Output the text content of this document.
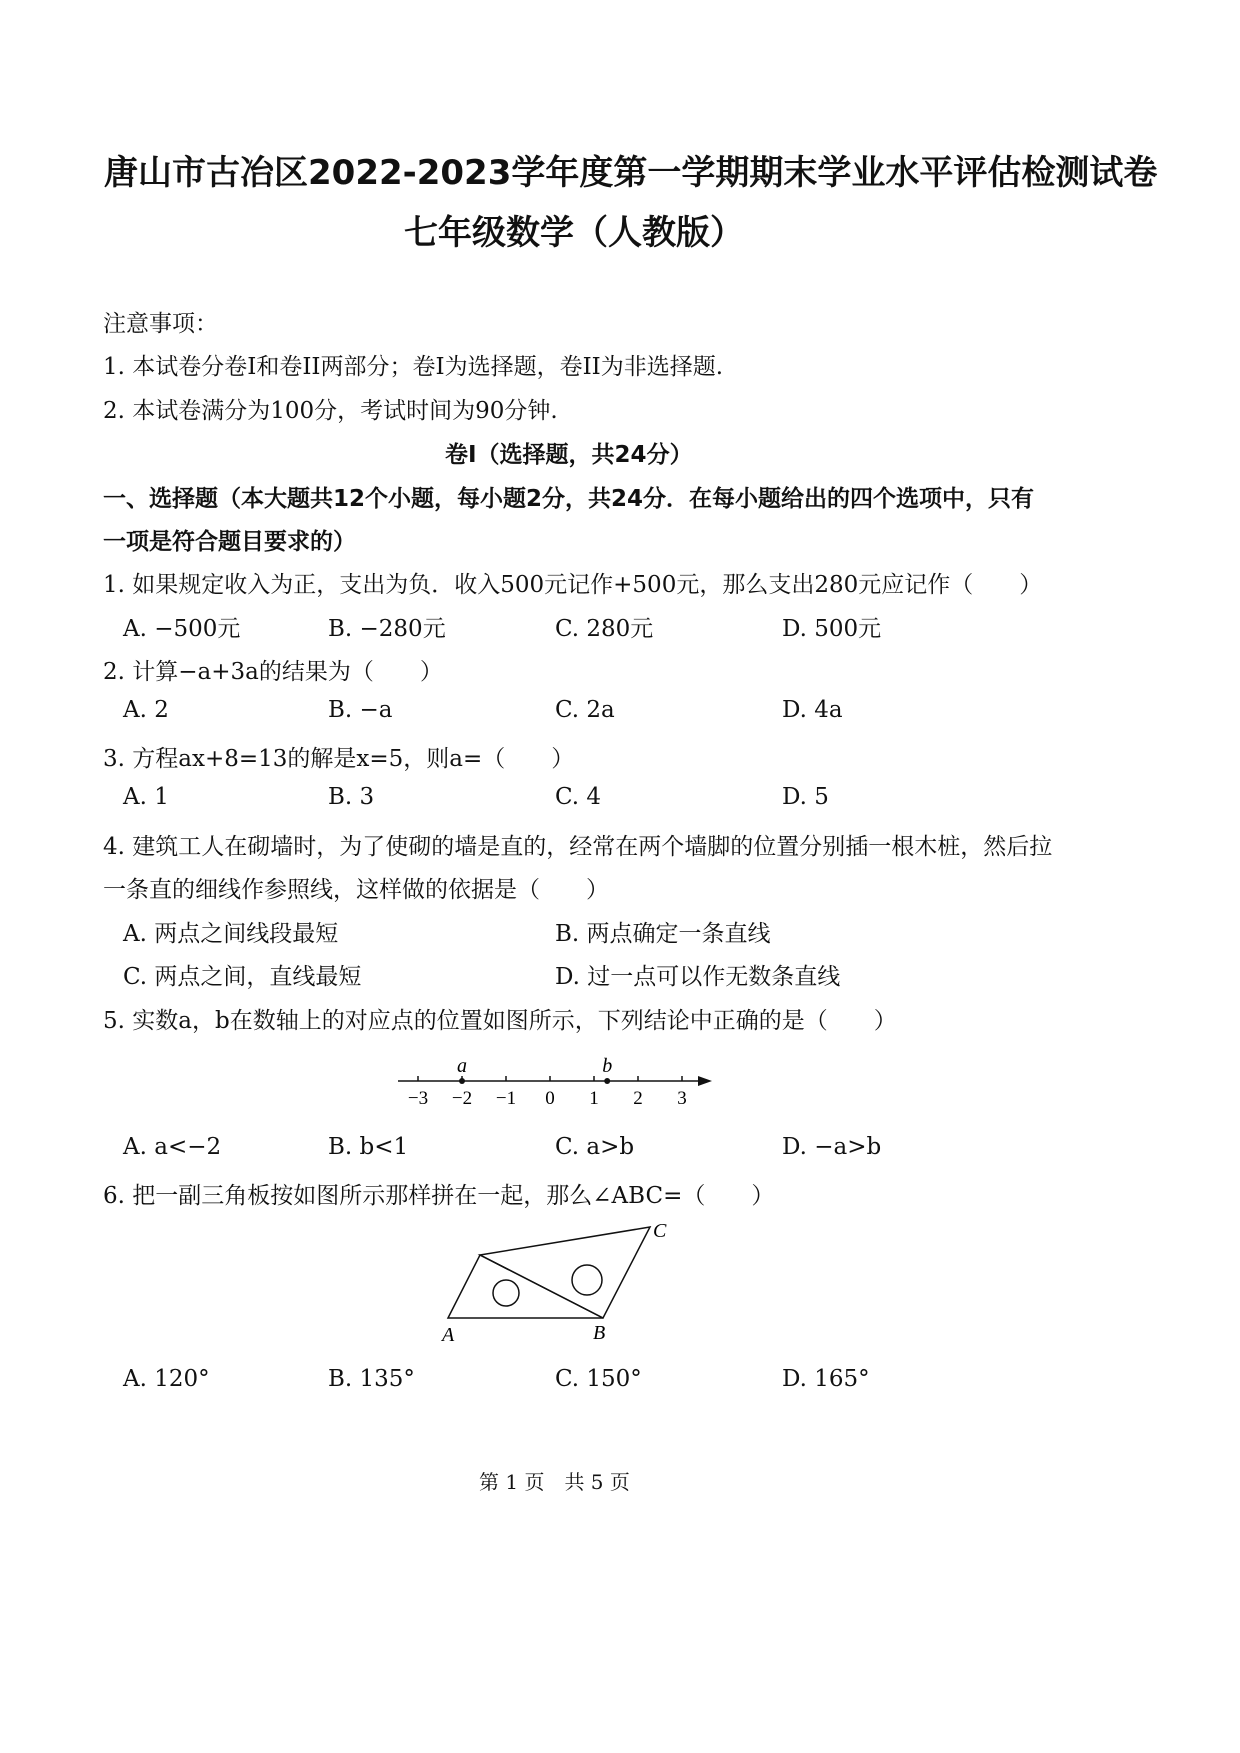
唐山市古冶区2022-2023学年度第一学期期末学业水平评估检测试卷
七年级数学（人教版）
注意事项：
1. 本试卷分卷I和卷II两部分；卷I为选择题，卷II为非选择题.
2. 本试卷满分为100分，考试时间为90分钟.
卷I（选择题，共24分）
一、选择题（本大题共12个小题，每小题2分，共24分．在每小题给出的四个选项中，只有
一项是符合题目要求的）
1. 如果规定收入为正，支出为负．收入500元记作+500元，那么支出280元应记作（　　）
A. −500元	B. −280元	C. 280元	D. 500元
2. 计算−a+3a的结果为（　　）
A. 2	B. −a	C. 2a	D. 4a
3. 方程ax+8=13的解是x=5，则a=（　　）
A. 1	B. 3	C. 4	D. 5
4. 建筑工人在砌墙时，为了使砌的墙是直的，经常在两个墙脚的位置分别插一根木桩，然后拉
一条直的细线作参照线，这样做的依据是（　　）
A. 两点之间线段最短	B. 两点确定一条直线
C. 两点之间，直线最短	D. 过一点可以作无数条直线
5. 实数a，b在数轴上的对应点的位置如图所示，下列结论中正确的是（　　）
−3 −2 −1 0 1 2 3
a	b
A. a<−2	B. b<1	C. a>b	D. −a>b
6. 把一副三角板按如图所示那样拼在一起，那么∠ABC=（　　）
A	B
C
A. 120°	B. 135°	C. 150°	D. 165°
第 1 页　共 5 页
